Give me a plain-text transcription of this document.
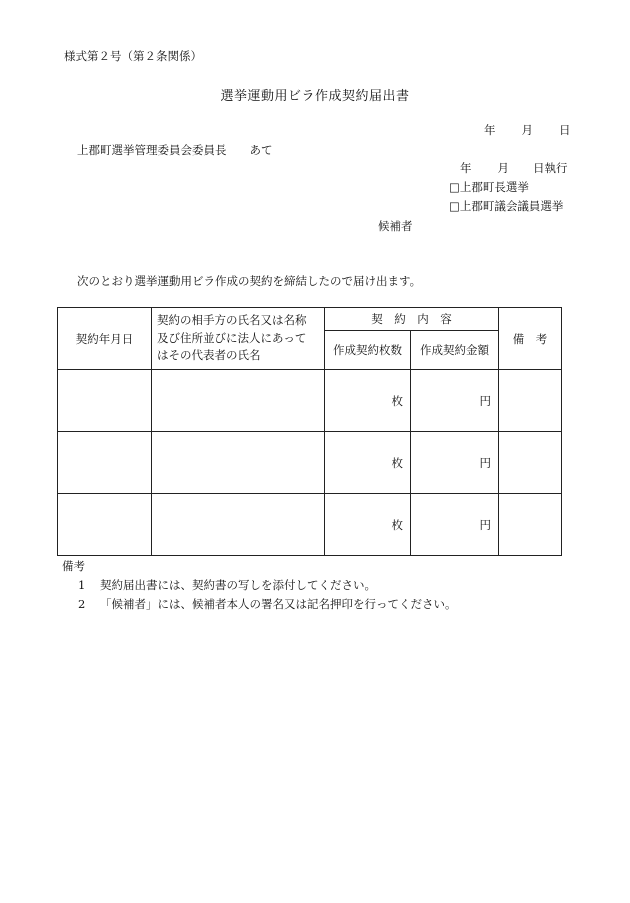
様式第２号（第２条関係）
選挙運動用ビラ作成契約届出書
年 月 日
上郡町選挙管理委員会委員長　　あて
年 月 日執行
□上郡町長選挙
□上郡町議会議員選挙
候補者
次のとおり選挙運動用ビラ作成の契約を締結したので届け出ます。
契約年月日	契約の相手方の氏名又は名称
及び住所並びに法人にあって
はその代表者の氏名	契　約　内　容		備　考
		作成契約枚数	作成契約金額	
		枚	円	
		枚	円	
		枚	円	
備考
1 契約届出書には、契約書の写しを添付してください。
2 「候補者」には、候補者本人の署名又は記名押印を行ってください。
